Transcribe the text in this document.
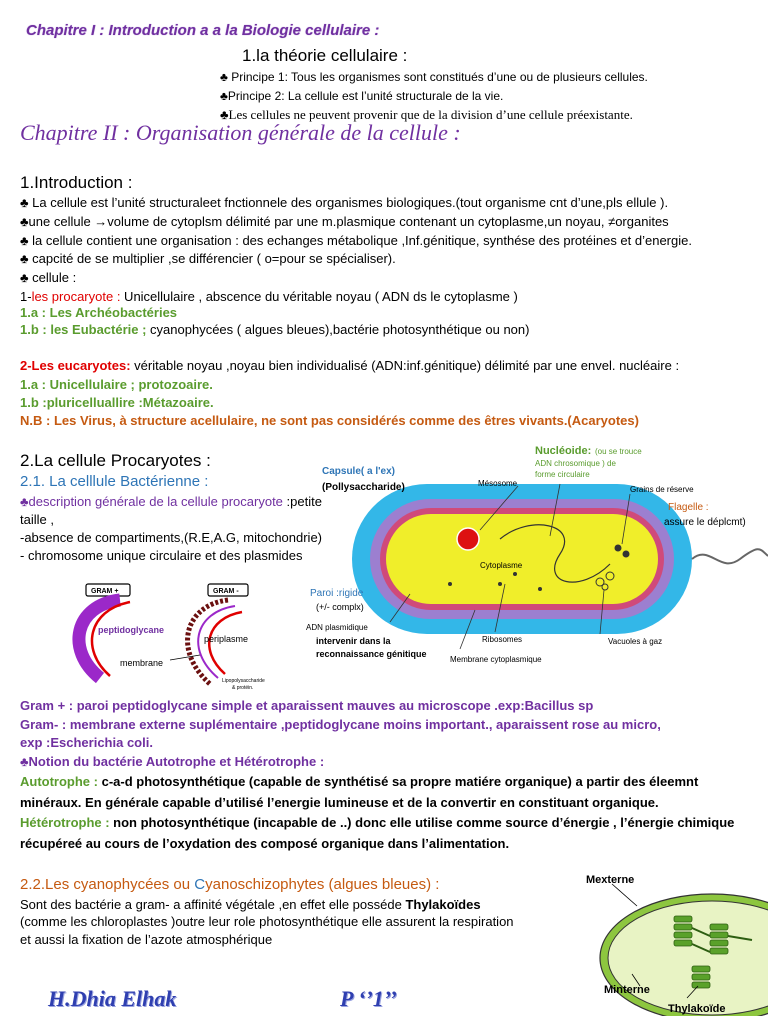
Chapitre I : Introduction a a la Biologie cellulaire :
1.la théorie cellulaire :
♣ Principe 1: Tous les organismes sont constitués d’une ou de plusieurs cellules.
♣Principe 2: La cellule est l’unité structurale de la vie.
♣Les cellules ne peuvent provenir que de la division d’une cellule préexistante.
Chapitre II : Organisation générale de la cellule :
1.Introduction :
♣ La cellule est l’unité structuraleet fnctionnele des organismes biologiques.(tout organisme cnt d’une,pls ellule ).
♣une cellule →volume de cytoplsm délimité par une m.plasmique contenant un cytoplasme,un noyau, ≠organites
♣ la cellule contient une organisation : des echanges métabolique ,Inf.génitique, synthése des protéines et d’energie.
♣ capcité de se multiplier ,se différencier ( o=pour se spécialiser).
♣ cellule :
1-les procaryote : Unicellulaire , abscence du véritable noyau ( ADN ds le cytoplasme )
1.a : Les Archéobactéries
1.b : les Eubactérie ; cyanophycées ( algues bleues),bactérie photosynthétique ou non)
2-Les eucaryotes: véritable noyau ,noyau bien individualisé (ADN:inf.génitique) délimité par une envel. nucléaire :
1.a : Unicellulaire ; protozoaire.
1.b :pluricelluallire :Métazoaire.
N.B : Les Virus, à structure acellulaire, ne sont pas considérés comme des êtres vivants.(Acaryotes)
2.La cellule Procaryotes :
2.1. La celllule Bactérienne :
♣description générale de la cellule procaryote :petite
taille ,
-absence de compartiments,(R.E,A.G, mitochondrie)
- chromosome unique circulaire et des plasmides
Nucléoide: (ou se trouce
ADN chrosomique ) de
forme circulaire
Capsule( a l'ex)
(Pollysaccharide)	Mésosome
Grains de réserve
Flagelle :
assure le déplcmt)
Cytoplasme
Paroi :rigide
(+/- complx)
ADN plasmidique
intervenir dans la
reconnaissance génitique
Ribosomes
Membrane cytoplasmique
Vacuoles à gaz
GRAM +	GRAM -
peptidoglycane
periplasme
membrane
Lipopolysaccharide
& protéin.
Gram + : paroi peptidoglycane simple et aparaissent mauves au microscope .exp:Bacillus sp
Gram- : membrane externe suplémentaire ,peptidoglycane moins important., aparaissent rose au micro,
exp :Escherichia coli.
♣Notion du bactérie Autotrophe et Hétérotrophe :
Autotrophe : c-a-d photosynthétique (capable de synthétisé sa propre matiére organique) a partir des éleemnt
minéraux. En générale capable d’utilisé l’energie lumineuse et de la convertir en constituant organique.
Hétérotrophe : non photosynthétique (incapable de ..) donc elle utilise comme source d’énergie , l’énergie chimique
récupéreé au cours de l’oxydation des composé organique dans l’alimentation.
2.2.Les cyanophycées ou Cyanoschizophytes (algues bleues) :
Sont des bactérie a gram- a affinité végétale ,en effet elle posséde Thylakoïdes
(comme les chloroplastes )outre leur role photosynthétique elle assurent la respiration
et aussi la fixation de l’azote atmosphérique
Mexterne
Minterne
Thylakoïde
H.Dhia Elhak	P ‘’1’’
